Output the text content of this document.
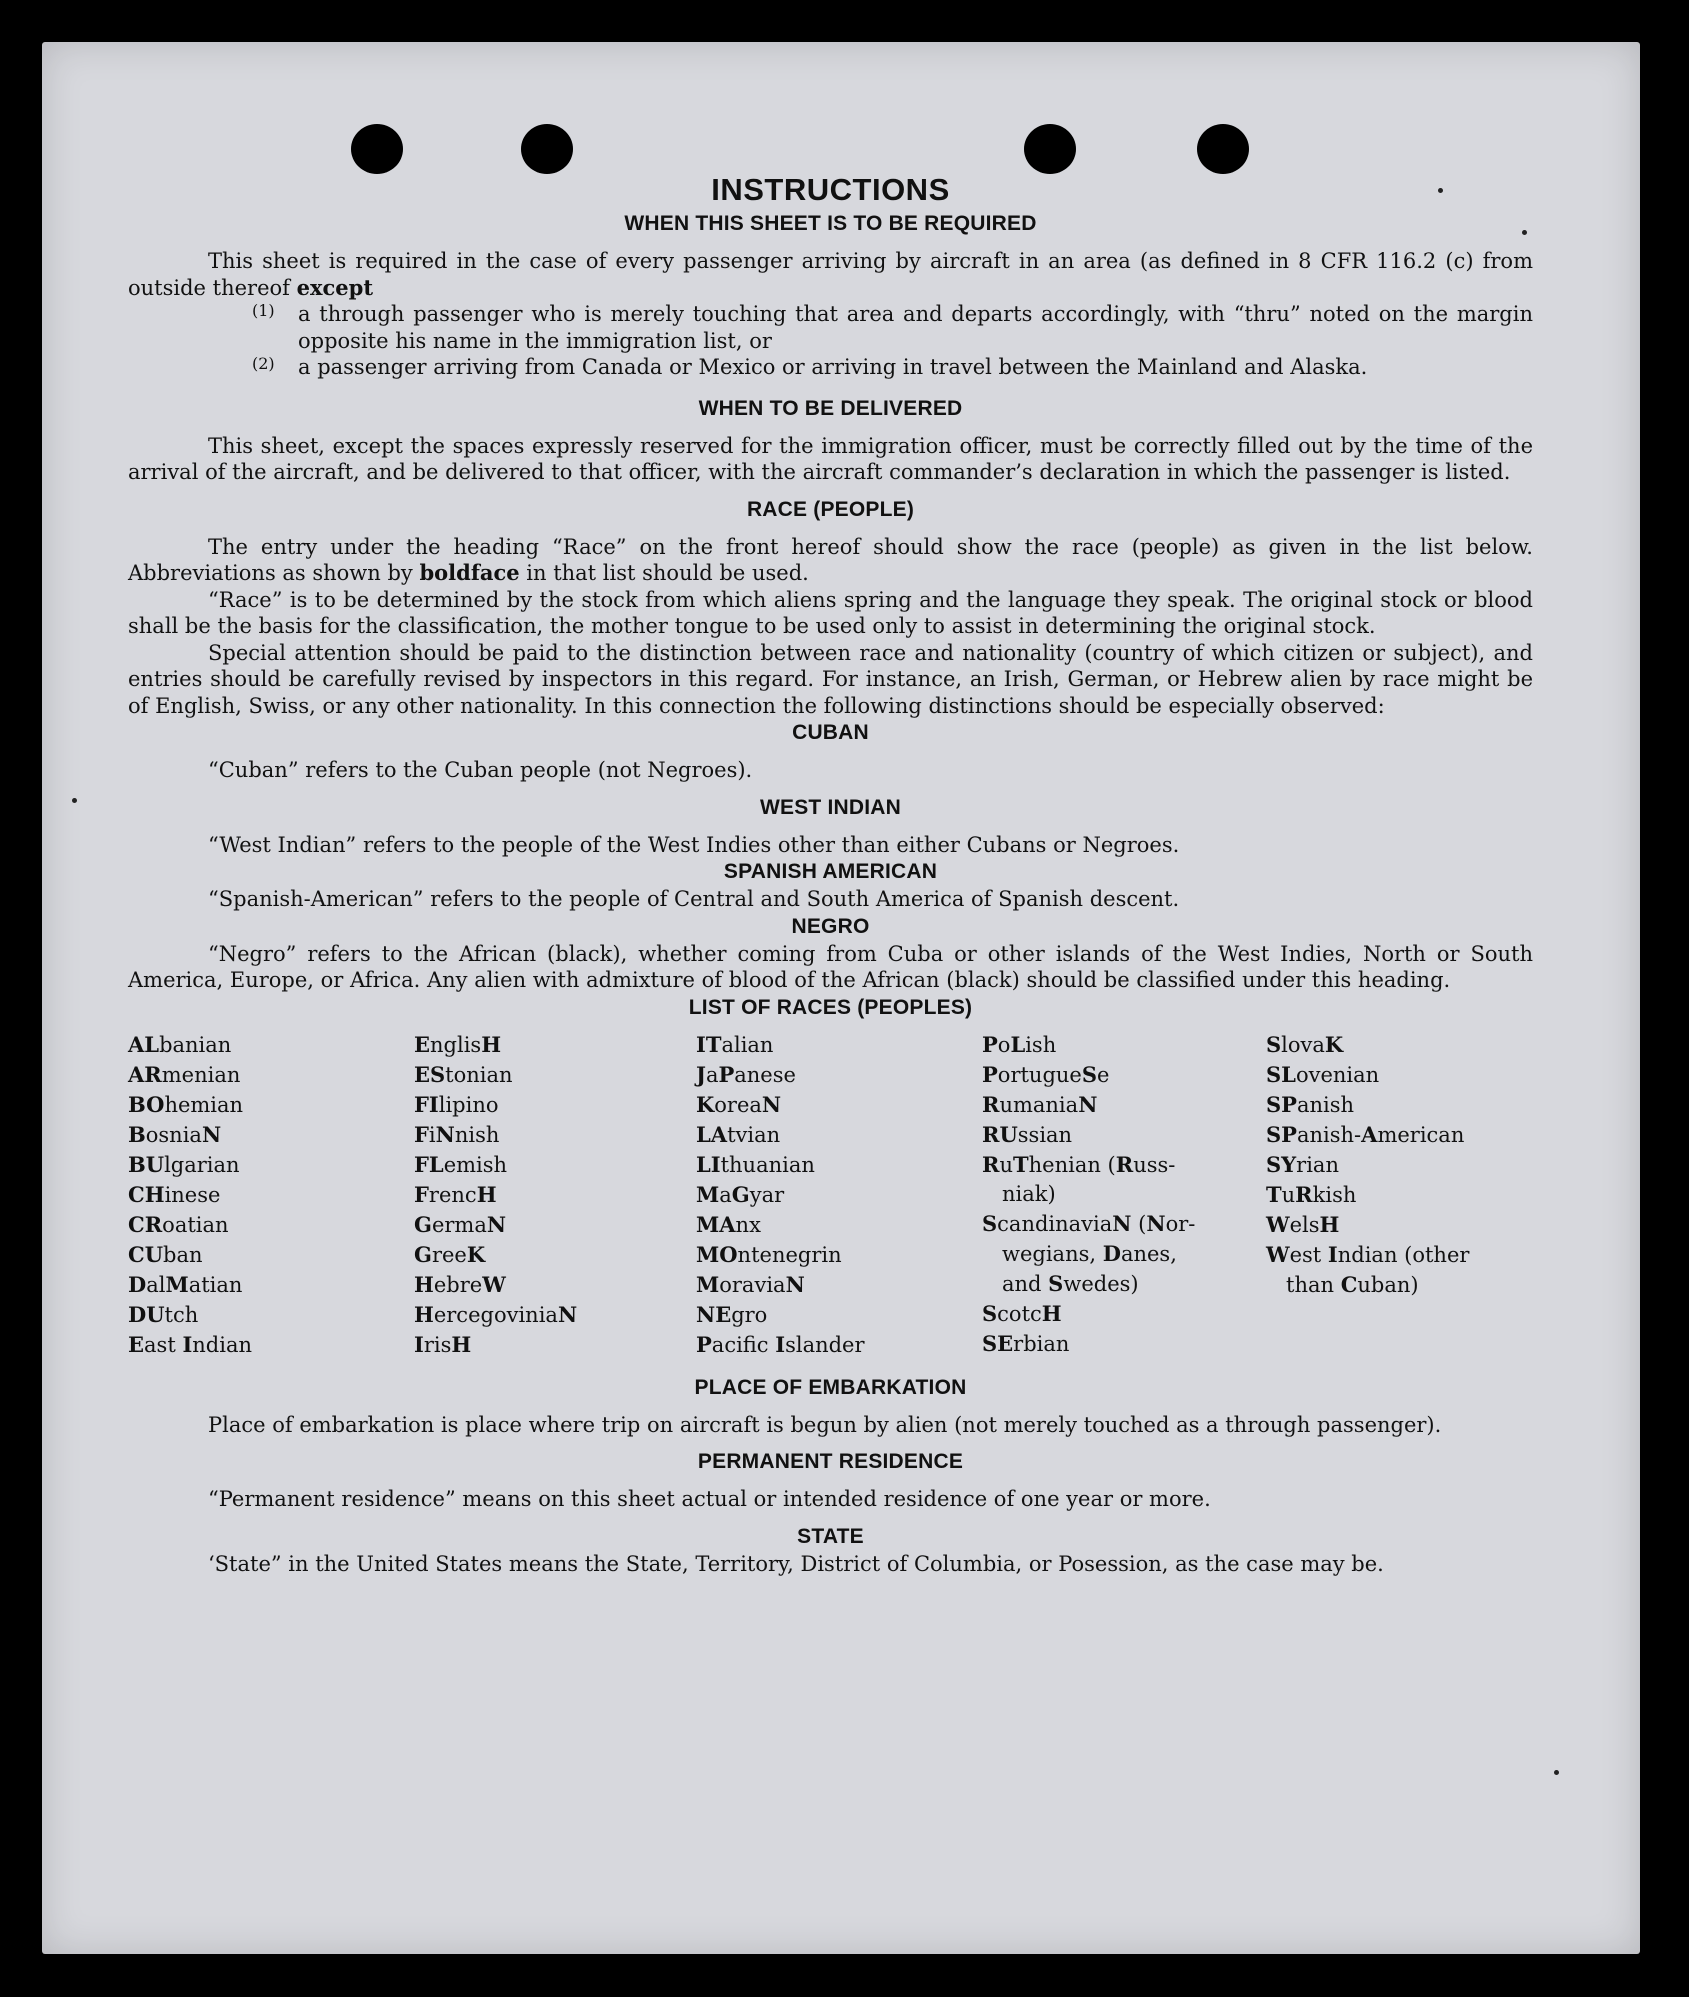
INSTRUCTIONS
WHEN THIS SHEET IS TO BE REQUIRED

This sheet is required in the case of every passenger arriving by aircraft in an area (as defined in 8 CFR 116.2 (c) from outside thereof except

(1)	a through passenger who is merely touching that area and departs accordingly, with “thru” noted on the margin opposite his name in the immigration list, or

(2)	a passenger arriving from Canada or Mexico or arriving in travel between the Mainland and Alaska.

WHEN TO BE DELIVERED

This sheet, except the spaces expressly reserved for the immigration officer, must be correctly filled out by the time of the arrival of the aircraft, and be delivered to that officer, with the aircraft commander’s declaration in which the passenger is listed.

RACE (PEOPLE)

The entry under the heading “Race” on the front hereof should show the race (people) as given in the list below. Abbreviations as shown by boldface in that list should be used.

“Race” is to be determined by the stock from which aliens spring and the language they speak. The original stock or blood shall be the basis for the classification, the mother tongue to be used only to assist in determining the original stock.

Special attention should be paid to the distinction between race and nationality (country of which citizen or subject), and entries should be carefully revised by inspectors in this regard. For instance, an Irish, German, or Hebrew alien by race might be of English, Swiss, or any other nationality. In this connection the following distinctions should be especially observed:

CUBAN

“Cuban” refers to the Cuban people (not Negroes).

WEST INDIAN

“West Indian” refers to the people of the West Indies other than either Cubans or Negroes.

SPANISH AMERICAN

“Spanish-American” refers to the people of Central and South America of Spanish descent.

NEGRO

“Negro” refers to the African (black), whether coming from Cuba or other islands of the West Indies, North or South America, Europe, or Africa. Any alien with admixture of blood of the African (black) should be classified under this heading.

LIST OF RACES (PEOPLES)
ALbanian
ARmenian
BOhemian
BosniaN
BUlgarian
CHinese
CRoatian
CUban
DalMatian
DUtch
East Indian
EnglisH
EStonian
FIlipino
FiNnish
FLemish
FrencH
GermaN
GreeK
HebreW
HercegoviniaN
IrisH
ITalian
JaPanese
KoreaN
LAtvian
LIthuanian
MaGyar
MAnx
MOntenegrin
MoraviaN
NEgro
Pacific Islander
PoLish
PortugueSe
RumaniaN
RUssian
RuThenian (Russ-
niak)
ScandinaviaN (Nor-
wegians, Danes,
and Swedes)
ScotcH
SErbian
SlovaK
SLovenian
SPanish
SPanish-American
SYrian
TuRkish
WelsH
West Indian (other
than Cuban)
PLACE OF EMBARKATION

Place of embarkation is place where trip on aircraft is begun by alien (not merely touched as a through passenger).

PERMANENT RESIDENCE

“Permanent residence” means on this sheet actual or intended residence of one year or more.

STATE

‘State” in the United States means the State, Territory, District of Columbia, or Posession, as the case may be.
